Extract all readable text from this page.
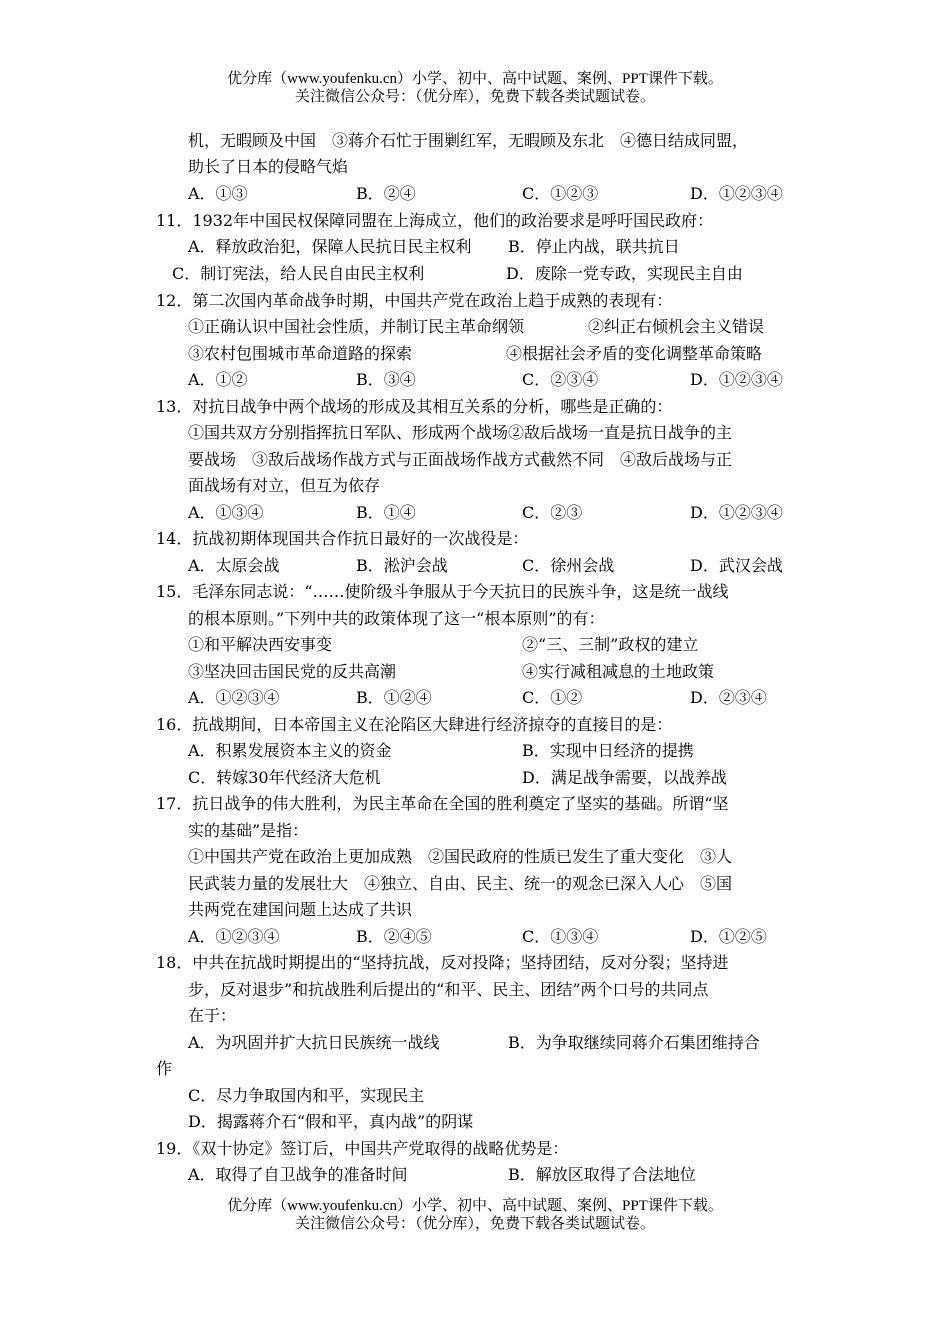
优分库（www.youfenku.cn）小学、初中、高中试题、案例、PPT课件下载。
关注微信公众号：（优分库），免费下载各类试题试卷。
机，无暇顾及中国　③蒋介石忙于围剿红军，无暇顾及东北　④德日结成同盟，
助长了日本的侵略气焰
A．①③	B．②④	C．①②③	D．①②③④
11．1932年中国民权保障同盟在上海成立，他们的政治要求是呼吁国民政府：
A．释放政治犯，保障人民抗日民主权利 B．停止内战，联共抗日
C．制订宪法，给人民自由民主权利	D．废除一党专政，实现民主自由
12．第二次国内革命战争时期，中国共产党在政治上趋于成熟的表现有：
①正确认识中国社会性质，并制订民主革命纲领	②纠正右倾机会主义错误
③农村包围城市革命道路的探索	④根据社会矛盾的变化调整革命策略
A．①②	B．③④	C．②③④	D．①②③④
13．对抗日战争中两个战场的形成及其相互关系的分析，哪些是正确的：
①国共双方分别指挥抗日军队、形成两个战场②敌后战场一直是抗日战争的主
要战场　③敌后战场作战方式与正面战场作战方式截然不同　④敌后战场与正
面战场有对立，但互为依存
A．①③④	B．①④	C．②③	D．①②③④
14．抗战初期体现国共合作抗日最好的一次战役是：
A．太原会战	B．淞沪会战	C．徐州会战	D．武汉会战
15．毛泽东同志说：“……使阶级斗争服从于今天抗日的民族斗争，这是统一战线
的根本原则。”下列中共的政策体现了这一“根本原则”的有：
①和平解决西安事变	②“三、三制”政权的建立
③坚决回击国民党的反共高潮	④实行减租减息的土地政策
A．①②③④	B．①②④	C．①②	D．②③④
16．抗战期间，日本帝国主义在沦陷区大肆进行经济掠夺的直接目的是：
A．积累发展资本主义的资金	B．实现中日经济的提携
C．转嫁30年代经济大危机	D．满足战争需要，以战养战
17．抗日战争的伟大胜利，为民主革命在全国的胜利奠定了坚实的基础。所谓“坚
实的基础”是指：
①中国共产党在政治上更加成熟　②国民政府的性质已发生了重大变化　③人
民武装力量的发展壮大　④独立、自由、民主、统一的观念已深入人心　⑤国
共两党在建国问题上达成了共识
A．①②③④	B．②④⑤	C．①③④	D．①②⑤
18．中共在抗战时期提出的“坚持抗战，反对投降；坚持团结，反对分裂；坚持进
步，反对退步”和抗战胜利后提出的“和平、民主、团结”两个口号的共同点
在于：
A．为巩固并扩大抗日民族统一战线	B．为争取继续同蒋介石集团维持合
作
C．尽力争取国内和平，实现民主
D．揭露蒋介石“假和平，真内战”的阴谋
19．《双十协定》签订后，中国共产党取得的战略优势是：
A．取得了自卫战争的准备时间	B．解放区取得了合法地位
优分库（www.youfenku.cn）小学、初中、高中试题、案例、PPT课件下载。
关注微信公众号：（优分库），免费下载各类试题试卷。
